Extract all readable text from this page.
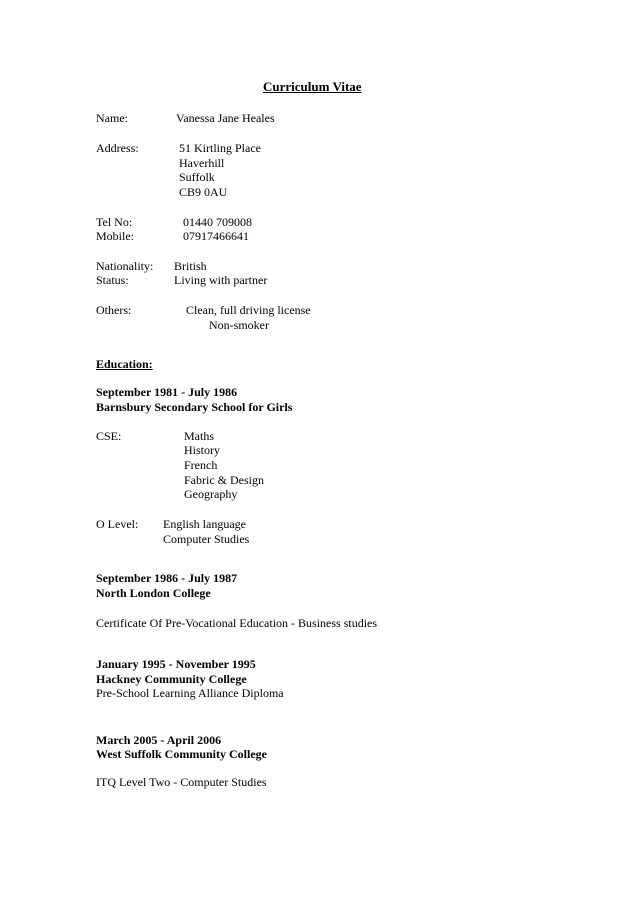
Curriculum Vitae
Name:	Vanessa Jane Heales
Address:	51 Kirtling Place
Haverhill
Suffolk
CB9 0AU
Tel No:	01440 709008
Mobile:	07917466641
Nationality: British
Status:	Living with partner
Others:	Clean, full driving license
Non-smoker
Education:
September 1981 - July 1986
Barnsbury Secondary School for Girls
CSE:	Maths
History
French
Fabric & Design
Geography
O Level: English language
Computer Studies
September 1986 - July 1987
North London College
Certificate Of Pre-Vocational Education - Business studies
January 1995 - November 1995
Hackney Community College
Pre-School Learning Alliance Diploma
March 2005 - April 2006
West Suffolk Community College
ITQ Level Two - Computer Studies
